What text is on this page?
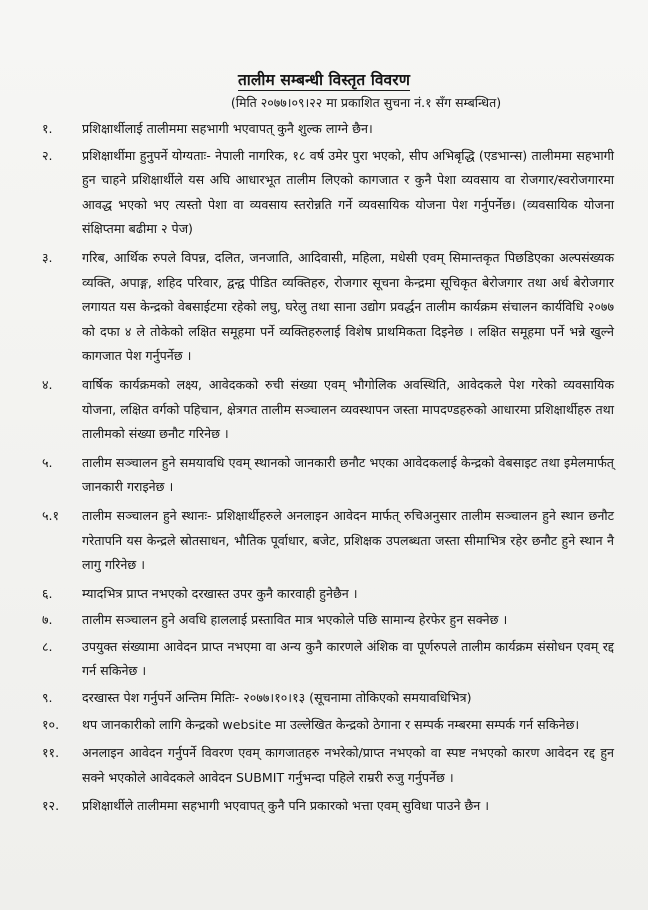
तालीम सम्बन्धी विस्तृत विवरण
(मिति २०७७।०९।२२ मा प्रकाशित सुचना नं.१ सँग सम्बन्धित)
१.	प्रशिक्षार्थीलाई तालीममा सहभागी भएवापत् कुनै शुल्क लाग्ने छैन।
२.	प्रशिक्षार्थीमा हुनुपर्ने योग्यताः- नेपाली नागरिक, १८ वर्ष उमेर पुरा भएको, सीप अभिबृद्धि (एडभान्स) तालीममा सहभागी हुन चाहने प्रशिक्षार्थीले यस अघि आधारभूत तालीम लिएको कागजात र कुनै पेशा व्यवसाय वा रोजगार/स्वरोजगारमा आवद्ध भएको भए त्यस्तो पेशा वा व्यवसाय स्तरोन्नति गर्ने व्यवसायिक योजना पेश गर्नुपर्नेछ। (व्यवसायिक योजना संक्षिप्तमा बढीमा २ पेज)
३.	गरिब, आर्थिक रुपले विपन्न, दलित, जनजाति, आदिवासी, महिला, मधेसी एवम् सिमान्तकृत पिछडिएका अल्पसंख्यक व्यक्ति, अपाङ्ग, शहिद परिवार, द्वन्द्व पीडित व्यक्तिहरु, रोजगार सूचना केन्द्रमा सूचिकृत बेरोजगार तथा अर्ध बेरोजगार लगायत यस केन्द्रको वेबसाईटमा रहेको लघु, घरेलु तथा साना उद्योग प्रवर्द्धन तालीम कार्यक्रम संचालन कार्यविधि २०७७ को दफा ४ ले तोकेको लक्षित समूहमा पर्ने व्यक्तिहरुलाई विशेष प्राथमिकता दिइनेछ । लक्षित समूहमा पर्ने भन्ने खुल्ने कागजात पेश गर्नुपर्नेछ ।
४.	वार्षिक कार्यक्रमको लक्ष्य, आवेदकको रुची संख्या एवम् भौगोलिक अवस्थिति, आवेदकले पेश गरेको व्यवसायिक योजना, लक्षित वर्गको पहिचान, क्षेत्रगत तालीम सञ्चालन व्यवस्थापन जस्ता मापदण्डहरुको आधारमा प्रशिक्षार्थीहरु तथा तालीमको संख्या छनौट गरिनेछ ।
५.	तालीम सञ्चालन हुने समयावधि एवम् स्थानको जानकारी छनौट भएका आवेदकलाई केन्द्रको वेबसाइट तथा इमेलमार्फत् जानकारी गराइनेछ ।
५.१	तालीम सञ्चालन हुने स्थानः- प्रशिक्षार्थीहरुले अनलाइन आवेदन मार्फत् रुचिअनुसार तालीम सञ्चालन हुने स्थान छनौट गरेतापनि यस केन्द्रले स्रोतसाधन, भौतिक पूर्वाधार, बजेट, प्रशिक्षक उपलब्धता जस्ता सीमाभित्र रहेर छनौट हुने स्थान नै लागु गरिनेछ ।
६.	म्यादभित्र प्राप्त नभएको दरखास्त उपर कुनै कारवाही हुनेछैन ।
७.	तालीम सञ्चालन हुने अवधि हाललाई प्रस्तावित मात्र भएकोले पछि सामान्य हेरफेर हुन सक्नेछ ।
८.	उपयुक्त संख्यामा आवेदन प्राप्त नभएमा वा अन्य कुनै कारणले अंशिक वा पूर्णरुपले तालीम कार्यक्रम संसोधन एवम् रद्द गर्न सकिनेछ ।
९.	दरखास्त पेश गर्नुपर्ने अन्तिम मितिः- २०७७।१०।१३ (सूचनामा तोकिएको समयावधिभित्र)
१०.	थप जानकारीको लागि केन्द्रको website मा उल्लेखित केन्द्रको ठेगाना र सम्पर्क नम्बरमा सम्पर्क गर्न सकिनेछ।
११.	अनलाइन आवेदन गर्नुपर्ने विवरण एवम् कागजातहरु नभरेको/प्राप्त नभएको वा स्पष्ट नभएको कारण आवेदन रद्द हुन सक्ने भएकोले आवेदकले आवेदन SUBMIT गर्नुभन्दा पहिले राम्ररी रुजु गर्नुपर्नेछ ।
१२.	प्रशिक्षार्थीले तालीममा सहभागी भएवापत् कुनै पनि प्रकारको भत्ता एवम् सुविधा पाउने छैन ।
